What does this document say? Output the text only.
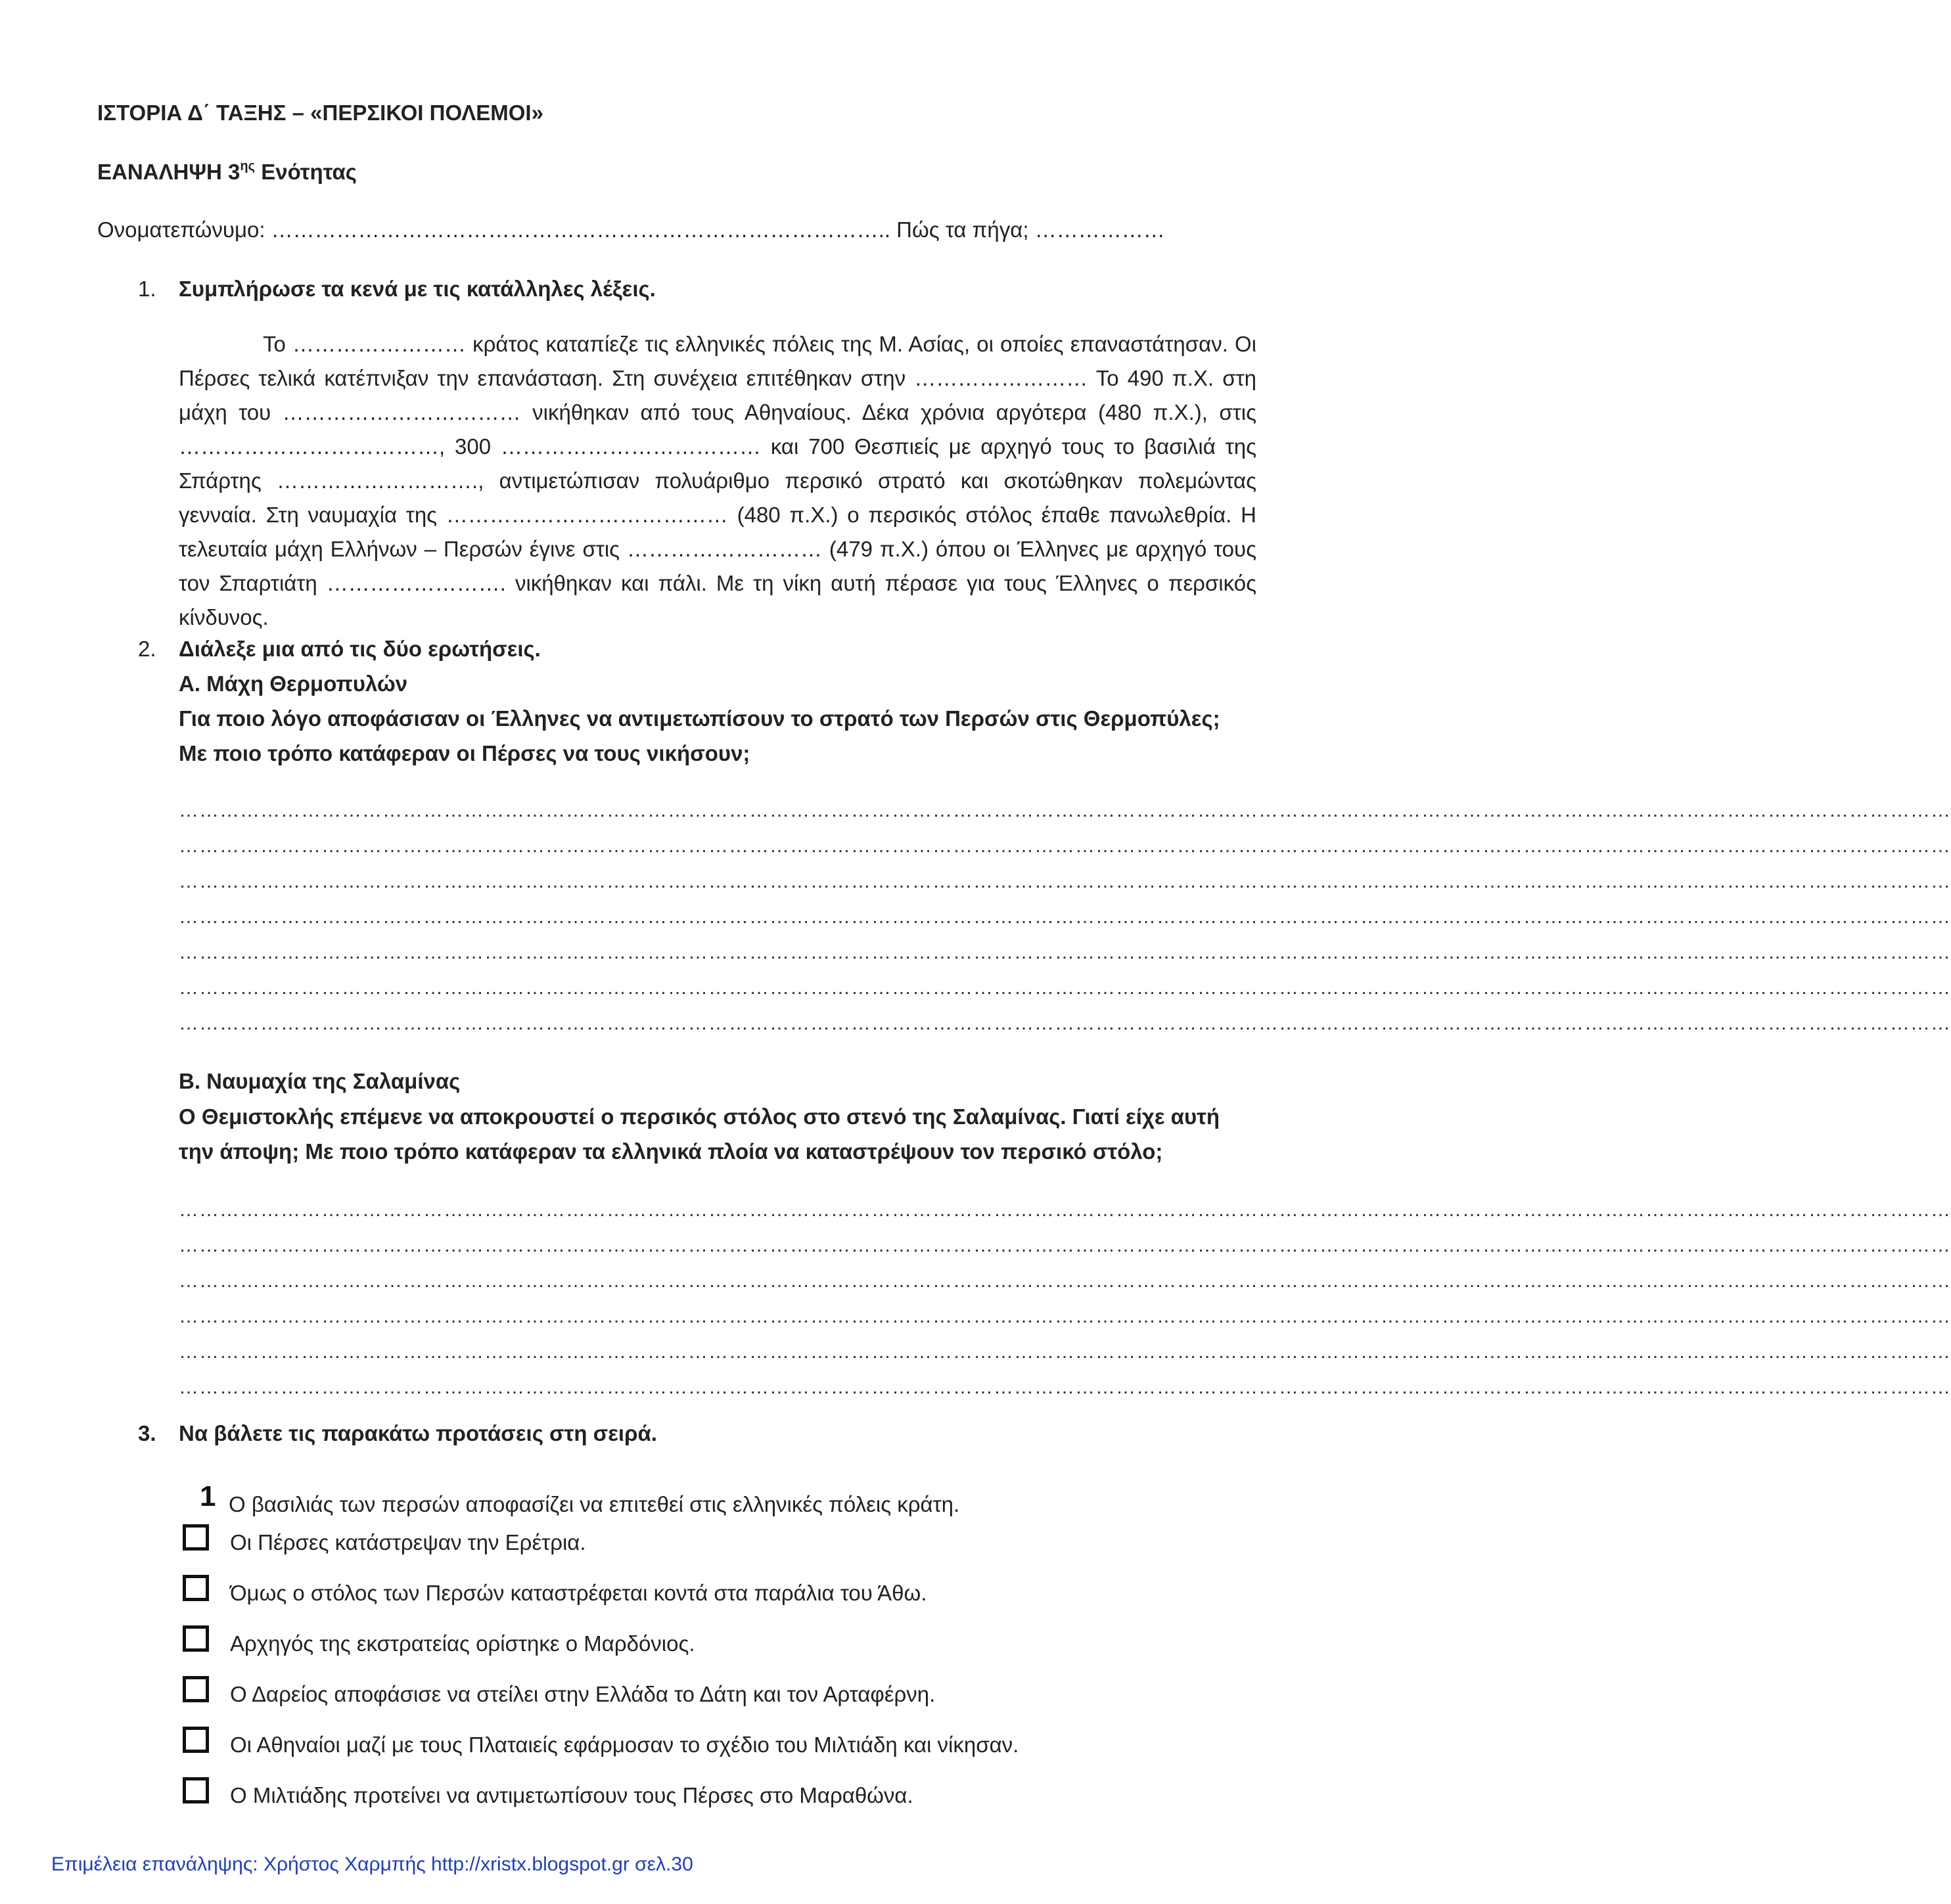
ΙΣΤΟΡΙΑ Δ΄ ΤΑΞΗΣ – «ΠΕΡΣΙΚΟΙ ΠΟΛΕΜΟΙ»
ΕΑΝΑΛΗΨΗ $3^{\eta\varsigma}$ Ενότητας
Ονοματεπώνυμο: ………………………………………………………………………….. Πώς τα πήγα; ………………
1. Συμπλήρωσε τα κενά με τις κατάλληλες λέξεις.
Το …………………… κράτος καταπίεζε τις ελληνικές πόλεις της Μ. Ασίας, οι οποίες επαναστάτησαν. Οι Πέρσες τελικά κατέπνιξαν την επανάσταση. Στη συνέχεια επιτέθηκαν στην …………………… Το 490 π.Χ. στη μάχη του …………………………… νικήθηκαν από τους Αθηναίους. Δέκα χρόνια αργότερα (480 π.Χ.), στις ………………………………, 300 ……………………………… και 700 Θεσπιείς με αρχηγό τους το βασιλιά της Σπάρτης ………………………., αντιμετώπισαν πολυάριθμο περσικό στρατό και σκοτώθηκαν πολεμώντας γενναία. Στη ναυμαχία της ………………………………… (480 π.Χ.) ο περσικός στόλος έπαθε πανωλεθρία. Η τελευταία μάχη Ελλήνων – Περσών έγινε στις ……………………… (479 π.Χ.) όπου οι Έλληνες με αρχηγό τους τον Σπαρτιάτη ……………………. νικήθηκαν και πάλι. Με τη νίκη αυτή πέρασε για τους Έλληνες ο περσικός κίνδυνος.
2. Διάλεξε μια από τις δύο ερωτήσεις.
Α. Μάχη Θερμοπυλών
Για ποιο λόγο αποφάσισαν οι Έλληνες να αντιμετωπίσουν το στρατό των Περσών στις Θερμοπύλες;
Με ποιο τρόπο κατάφεραν οι Πέρσες να τους νικήσουν;
………………………………………………………………………………………………………………………………………………………………………………………………………………………………………
………………………………………………………………………………………………………………………………………………………………………………………………………………………………………
………………………………………………………………………………………………………………………………………………………………………………………………………………………………………
………………………………………………………………………………………………………………………………………………………………………………………………………………………………………
………………………………………………………………………………………………………………………………………………………………………………………………………………………………………
………………………………………………………………………………………………………………………………………………………………………………………………………………………………………
………………………………………………………………………………………………………………………………………………………………………………………………………………………………………
Β. Ναυμαχία της Σαλαμίνας
Ο Θεμιστοκλής επέμενε να αποκρουστεί ο περσικός στόλος στο στενό της Σαλαμίνας. Γιατί είχε αυτή
την άποψη; Με ποιο τρόπο κατάφεραν τα ελληνικά πλοία να καταστρέψουν τον περσικό στόλο;
………………………………………………………………………………………………………………………………………………………………………………………………………………………………………
………………………………………………………………………………………………………………………………………………………………………………………………………………………………………
………………………………………………………………………………………………………………………………………………………………………………………………………………………………………
………………………………………………………………………………………………………………………………………………………………………………………………………………………………………
………………………………………………………………………………………………………………………………………………………………………………………………………………………………………
………………………………………………………………………………………………………………………………………………………………………………………………………………………………………
3. Να βάλετε τις παρακάτω προτάσεις στη σειρά.
1 Ο βασιλιάς των περσών αποφασίζει να επιτεθεί στις ελληνικές πόλεις κράτη.
Οι Πέρσες κατάστρεψαν την Ερέτρια.
Όμως ο στόλος των Περσών καταστρέφεται κοντά στα παράλια του Άθω.
Αρχηγός της εκστρατείας ορίστηκε ο Μαρδόνιος.
Ο Δαρείος αποφάσισε να στείλει στην Ελλάδα το Δάτη και τον Αρταφέρνη.
Οι Αθηναίοι μαζί με τους Πλαταιείς εφάρμοσαν το σχέδιο του Μιλτιάδη και νίκησαν.
Ο Μιλτιάδης προτείνει να αντιμετωπίσουν τους Πέρσες στο Μαραθώνα.
Επιμέλεια επανάληψης: Χρήστος Χαρμπής http://xristx.blogspot.gr σελ.30
